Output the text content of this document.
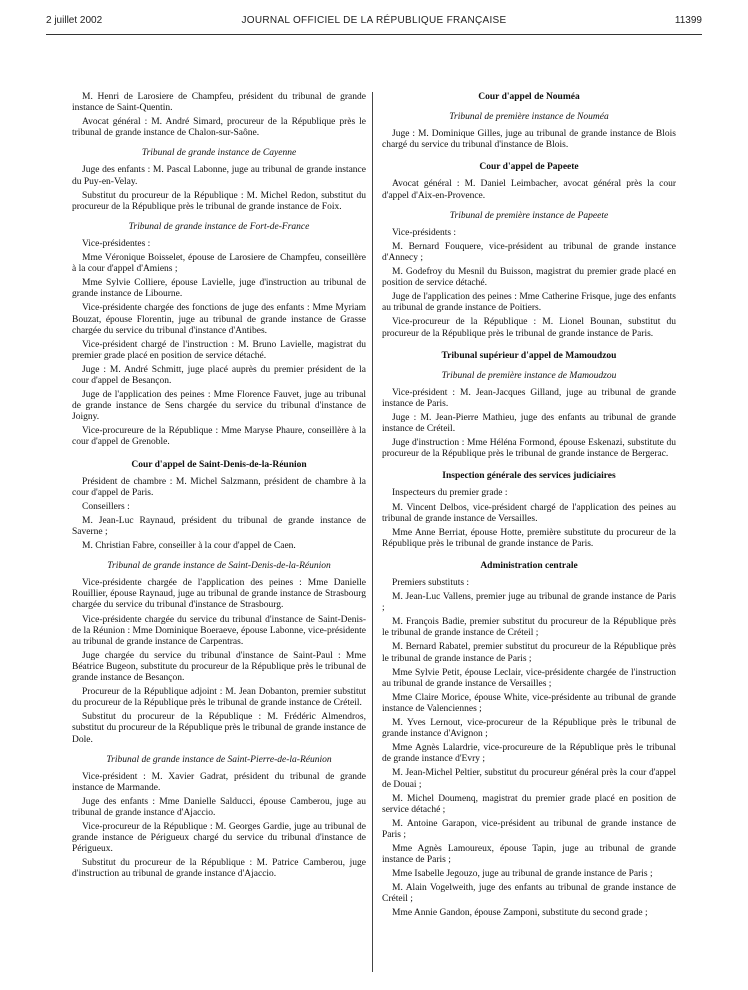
2 juillet 2002	JOURNAL OFFICIEL DE LA RÉPUBLIQUE FRANÇAISE	11399

M. Henri de Larosiere de Champfeu, président du tribunal de grande instance de Saint-Quentin.

Avocat général : M. André Simard, procureur de la République près le tribunal de grande instance de Chalon-sur-Saône.

Tribunal de grande instance de Cayenne

Juge des enfants : M. Pascal Labonne, juge au tribunal de grande instance du Puy-en-Velay.

Substitut du procureur de la République : M. Michel Redon, substitut du procureur de la République près le tribunal de grande instance de Foix.

Tribunal de grande instance de Fort-de-France

Vice-présidentes :

Mme Véronique Boisselet, épouse de Larosiere de Champfeu, conseillère à la cour d'appel d'Amiens ;

Mme Sylvie Colliere, épouse Lavielle, juge d'instruction au tribunal de grande instance de Libourne.

Vice-présidente chargée des fonctions de juge des enfants : Mme Myriam Bouzat, épouse Florentin, juge au tribunal de grande instance de Grasse chargée du service du tribunal d'instance d'Antibes.

Vice-président chargé de l'instruction : M. Bruno Lavielle, magistrat du premier grade placé en position de service détaché.

Juge : M. André Schmitt, juge placé auprès du premier président de la cour d'appel de Besançon.

Juge de l'application des peines : Mme Florence Fauvet, juge au tribunal de grande instance de Sens chargée du service du tribunal d'instance de Joigny.

Vice-procureure de la République : Mme Maryse Phaure, conseillère à la cour d'appel de Grenoble.

Cour d'appel de Saint-Denis-de-la-Réunion

Président de chambre : M. Michel Salzmann, président de chambre à la cour d'appel de Paris.

Conseillers :

M. Jean-Luc Raynaud, président du tribunal de grande instance de Saverne ;

M. Christian Fabre, conseiller à la cour d'appel de Caen.

Tribunal de grande instance de Saint-Denis-de-la-Réunion

Vice-présidente chargée de l'application des peines : Mme Danielle Rouillier, épouse Raynaud, juge au tribunal de grande instance de Strasbourg chargée du service du tribunal d'instance de Strasbourg.

Vice-présidente chargée du service du tribunal d'instance de Saint-Denis-de la Réunion : Mme Dominique Boeraeve, épouse Labonne, vice-présidente au tribunal de grande instance de Carpentras.

Juge chargée du service du tribunal d'instance de Saint-Paul : Mme Béatrice Bugeon, substitute du procureur de la République près le tribunal de grande instance de Besançon.

Procureur de la République adjoint : M. Jean Dobanton, premier substitut du procureur de la République près le tribunal de grande instance de Créteil.

Substitut du procureur de la République : M. Frédéric Almendros, substitut du procureur de la République près le tribunal de grande instance de Dole.

Tribunal de grande instance de Saint-Pierre-de-la-Réunion

Vice-président : M. Xavier Gadrat, président du tribunal de grande instance de Marmande.

Juge des enfants : Mme Danielle Salducci, épouse Camberou, juge au tribunal de grande instance d'Ajaccio.

Vice-procureur de la République : M. Georges Gardie, juge au tribunal de grande instance de Périgueux chargé du service du tribunal d'instance de Périgueux.

Substitut du procureur de la République : M. Patrice Camberou, juge d'instruction au tribunal de grande instance d'Ajaccio.

Cour d'appel de Nouméa
Tribunal de première instance de Nouméa

Juge : M. Dominique Gilles, juge au tribunal de grande instance de Blois chargé du service du tribunal d'instance de Blois.

Cour d'appel de Papeete

Avocat général : M. Daniel Leimbacher, avocat général près la cour d'appel d'Aix-en-Provence.

Tribunal de première instance de Papeete

Vice-présidents :

M. Bernard Fouquere, vice-président au tribunal de grande instance d'Annecy ;

M. Godefroy du Mesnil du Buisson, magistrat du premier grade placé en position de service détaché.

Juge de l'application des peines : Mme Catherine Frisque, juge des enfants au tribunal de grande instance de Poitiers.

Vice-procureur de la République : M. Lionel Bounan, substitut du procureur de la République près le tribunal de grande instance de Paris.

Tribunal supérieur d'appel de Mamoudzou
Tribunal de première instance de Mamoudzou

Vice-président : M. Jean-Jacques Gilland, juge au tribunal de grande instance de Paris.

Juge : M. Jean-Pierre Mathieu, juge des enfants au tribunal de grande instance de Créteil.

Juge d'instruction : Mme Héléna Formond, épouse Eskenazi, substitute du procureur de la République près le tribunal de grande instance de Bergerac.

Inspection générale des services judiciaires

Inspecteurs du premier grade :

M. Vincent Delbos, vice-président chargé de l'application des peines au tribunal de grande instance de Versailles.

Mme Anne Berriat, épouse Hotte, première substitute du procureur de la République près le tribunal de grande instance de Paris.

Administration centrale

Premiers substituts :

M. Jean-Luc Vallens, premier juge au tribunal de grande instance de Paris ;

M. François Badie, premier substitut du procureur de la République près le tribunal de grande instance de Créteil ;

M. Bernard Rabatel, premier substitut du procureur de la République près le tribunal de grande instance de Paris ;

Mme Sylvie Petit, épouse Leclair, vice-présidente chargée de l'instruction au tribunal de grande instance de Versailles ;

Mme Claire Morice, épouse White, vice-présidente au tribunal de grande instance de Valenciennes ;

M. Yves Lernout, vice-procureur de la République près le tribunal de grande instance d'Avignon ;

Mme Agnès Lalardrie, vice-procureure de la République près le tribunal de grande instance d'Evry ;

M. Jean-Michel Peltier, substitut du procureur général près la cour d'appel de Douai ;

M. Michel Doumenq, magistrat du premier grade placé en position de service détaché ;

M. Antoine Garapon, vice-président au tribunal de grande instance de Paris ;

Mme Agnès Lamoureux, épouse Tapin, juge au tribunal de grande instance de Paris ;

Mme Isabelle Jegouzo, juge au tribunal de grande instance de Paris ;

M. Alain Vogelweith, juge des enfants au tribunal de grande instance de Créteil ;

Mme Annie Gandon, épouse Zamponi, substitute du second grade ;
